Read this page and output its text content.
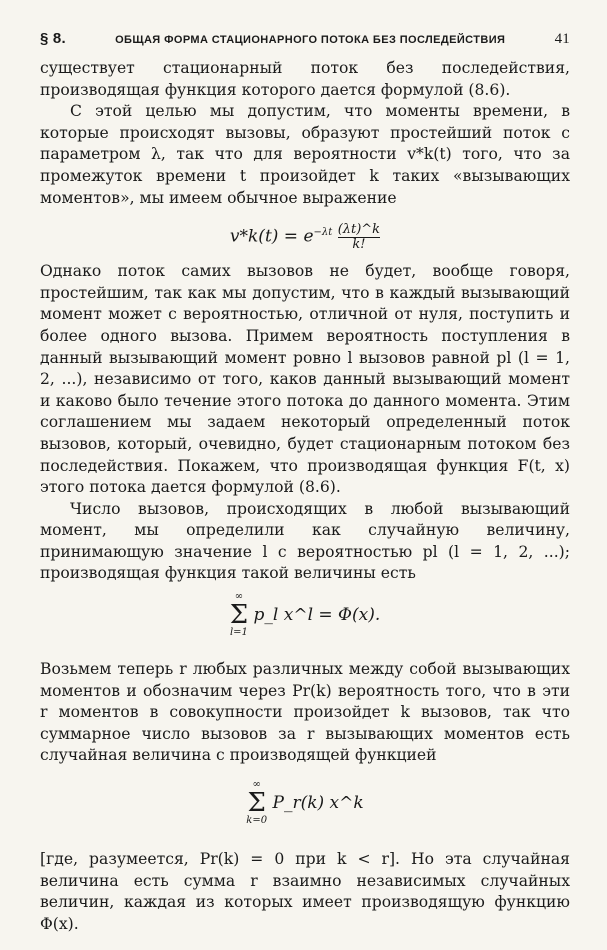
§ 8.	ОБЩАЯ ФОРМА СТАЦИОНАРНОГО ПОТОКА БЕЗ ПОСЛЕДЕЙСТВИЯ	41

существует стационарный поток без последействия, производящая функция которого дается формулой (8.6).

С этой целью мы допустим, что моменты времени, в которые происходят вызовы, образуют простейший поток с параметром λ, так что для вероятности v*k(t) того, что за промежуток времени t произойдет k таких «вызывающих моментов», мы имеем обычное выражение

$v*k(t) = e^{-\lambda t} \frac{(\lambda t)\^{}k}{k!}$

Однако поток самих вызовов не будет, вообще говоря, простейшим, так как мы допустим, что в каждый вызывающий момент может с вероятностью, отличной от нуля, поступить и более одного вызова. Примем вероятность поступления в данный вызывающий момент ровно l вызовов равной pl (l = 1, 2, ...), независимо от того, каков данный вызывающий момент и каково было течение этого потока до данного момента. Этим соглашением мы задаем некоторый определенный поток вызовов, который, очевидно, будет стационарным потоком без последействия. Покажем, что производящая функция F(t, x) этого потока дается формулой (8.6).

Число вызовов, происходящих в любой вызывающий момент, мы определили как случайную величину, принимающую значение l с вероятностью pl (l = 1, 2, ...); производящая функция такой величины есть

∞
Σ
l=1
p_l x^l = Φ(x).

Возьмем теперь r любых различных между собой вызывающих моментов и обозначим через Pr(k) вероятность того, что в эти r моментов в совокупности произойдет k вызовов, так что суммарное число вызовов за r вызывающих моментов есть случайная величина с производящей функцией

∞
Σ
k=0
P_r(k) x^k

[где, разумеется, Pr(k) = 0 при k < r]. Но эта случайная величина есть сумма r взаимно независимых случайных величин, каждая из которых имеет производящую функцию Φ(x).
